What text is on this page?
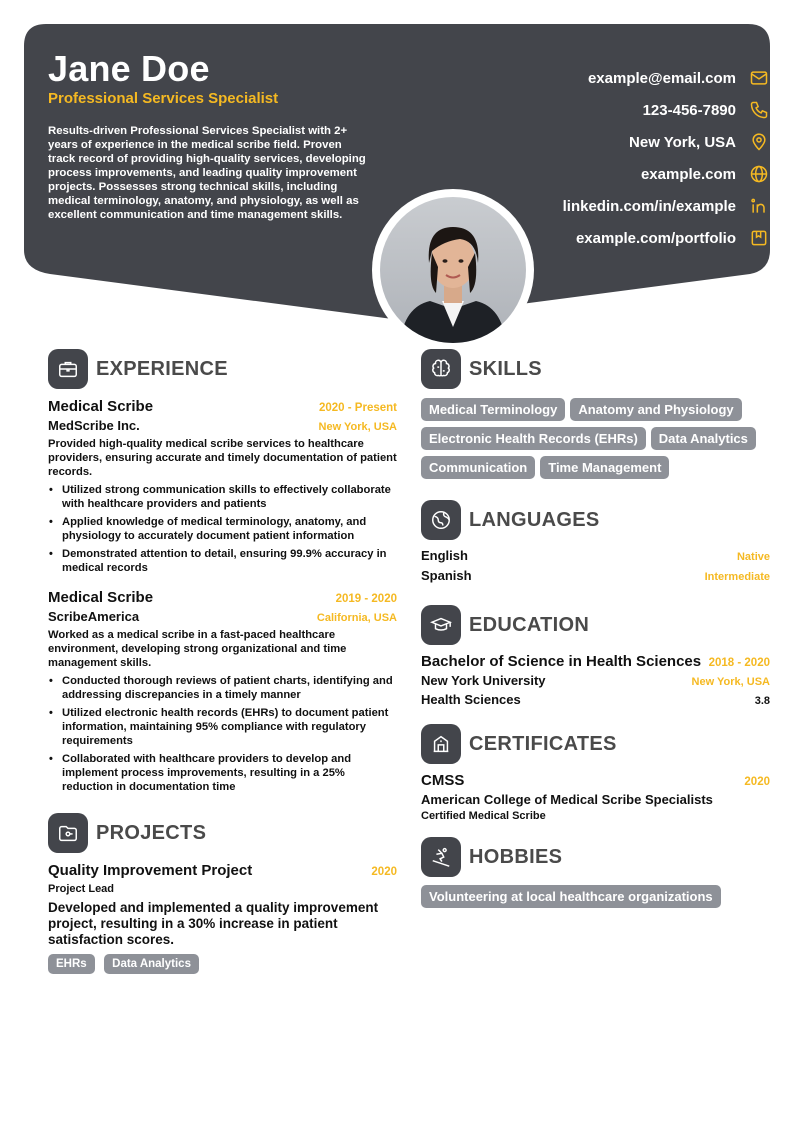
Jane Doe
Professional Services Specialist
Results-driven Professional Services Specialist with 2+ years of experience in the medical scribe field. Proven track record of providing high-quality services, developing process improvements, and leading quality improvement projects. Possesses strong technical skills, including medical terminology, anatomy, and physiology, as well as excellent communication and time management skills.
example@email.com
123-456-7890
New York, USA
example.com
linkedin.com/in/example
example.com/portfolio
EXPERIENCE
Medical Scribe	2020 - Present
MedScribe Inc.	New York, USA
Provided high-quality medical scribe services to healthcare providers, ensuring accurate and timely documentation of patient records.
• Utilized strong communication skills to effectively collaborate with healthcare providers and patients
• Applied knowledge of medical terminology, anatomy, and physiology to accurately document patient information
• Demonstrated attention to detail, ensuring 99.9% accuracy in medical records
Medical Scribe	2019 - 2020
ScribeAmerica	California, USA
Worked as a medical scribe in a fast-paced healthcare environment, developing strong organizational and time management skills.
• Conducted thorough reviews of patient charts, identifying and addressing discrepancies in a timely manner
• Utilized electronic health records (EHRs) to document patient information, maintaining 95% compliance with regulatory requirements
• Collaborated with healthcare providers to develop and implement process improvements, resulting in a 25% reduction in documentation time
PROJECTS
Quality Improvement Project	2020
Project Lead
Developed and implemented a quality improvement project, resulting in a 30% increase in patient satisfaction scores.
EHRs Data Analytics
SKILLS
Medical Terminology Anatomy and PhysiologyElectronic Health Records (EHRs) Data AnalyticsCommunication Time Management
LANGUAGES
English	Native
Spanish	Intermediate
EDUCATION
Bachelor of Science in Health Sciences 2018 - 2020
New York University	New York, USA
Health Sciences	3.8
CERTIFICATES
CMSS	2020
American College of Medical Scribe Specialists
Certified Medical Scribe
HOBBIES
Volunteering at local healthcare organizations
